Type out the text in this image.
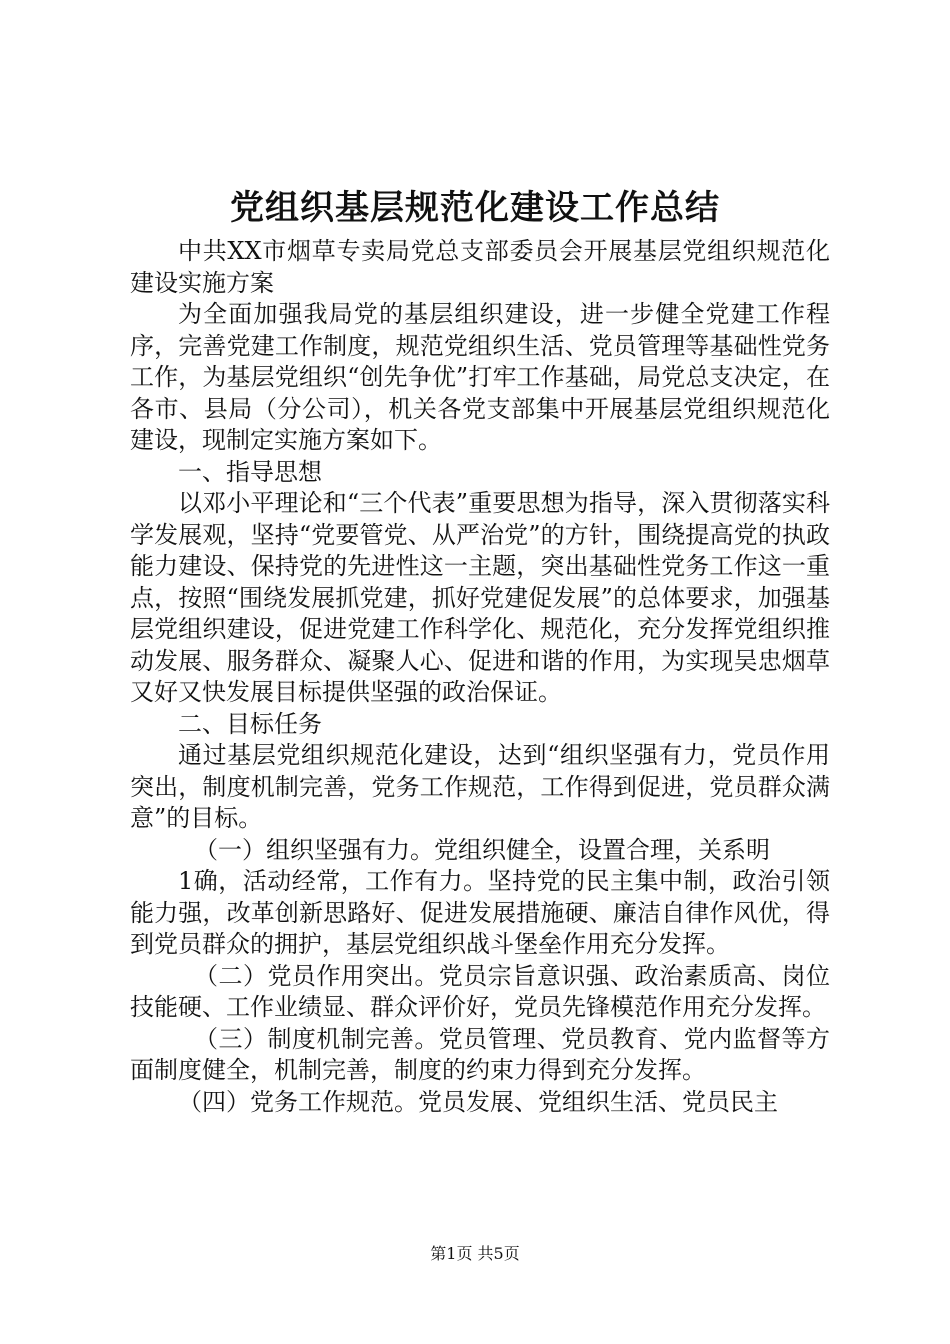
党组织基层规范化建设工作总结

中共XX市烟草专卖局党总支部委员会开展基层党组织规范化建设实施方案

为全面加强我局党的基层组织建设，进一步健全党建工作程序，完善党建工作制度，规范党组织生活、党员管理等基础性党务工作，为基层党组织“创先争优”打牢工作基础，局党总支决定，在各市、县局（分公司），机关各党支部集中开展基层党组织规范化建设，现制定实施方案如下。

一、指导思想

以邓小平理论和“三个代表”重要思想为指导，深入贯彻落实科学发展观，坚持“党要管党、从严治党”的方针，围绕提高党的执政能力建设、保持党的先进性这一主题，突出基础性党务工作这一重点，按照“围绕发展抓党建，抓好党建促发展”的总体要求，加强基层党组织建设，促进党建工作科学化、规范化，充分发挥党组织推动发展、服务群众、凝聚人心、促进和谐的作用，为实现吴忠烟草又好又快发展目标提供坚强的政治保证。

二、目标任务

通过基层党组织规范化建设，达到“组织坚强有力，党员作用突出，制度机制完善，党务工作规范，工作得到促进，党员群众满意”的目标。

（一）组织坚强有力。党组织健全，设置合理，关系明

1确，活动经常，工作有力。坚持党的民主集中制，政治引领能力强，改革创新思路好、促进发展措施硬、廉洁自律作风优，得到党员群众的拥护，基层党组织战斗堡垒作用充分发挥。

（二）党员作用突出。党员宗旨意识强、政治素质高、岗位技能硬、工作业绩显、群众评价好，党员先锋模范作用充分发挥。

（三）制度机制完善。党员管理、党员教育、党内监督等方面制度健全，机制完善，制度的约束力得到充分发挥。

（四）党务工作规范。党员发展、党组织生活、党员民主

第1页 共5页
